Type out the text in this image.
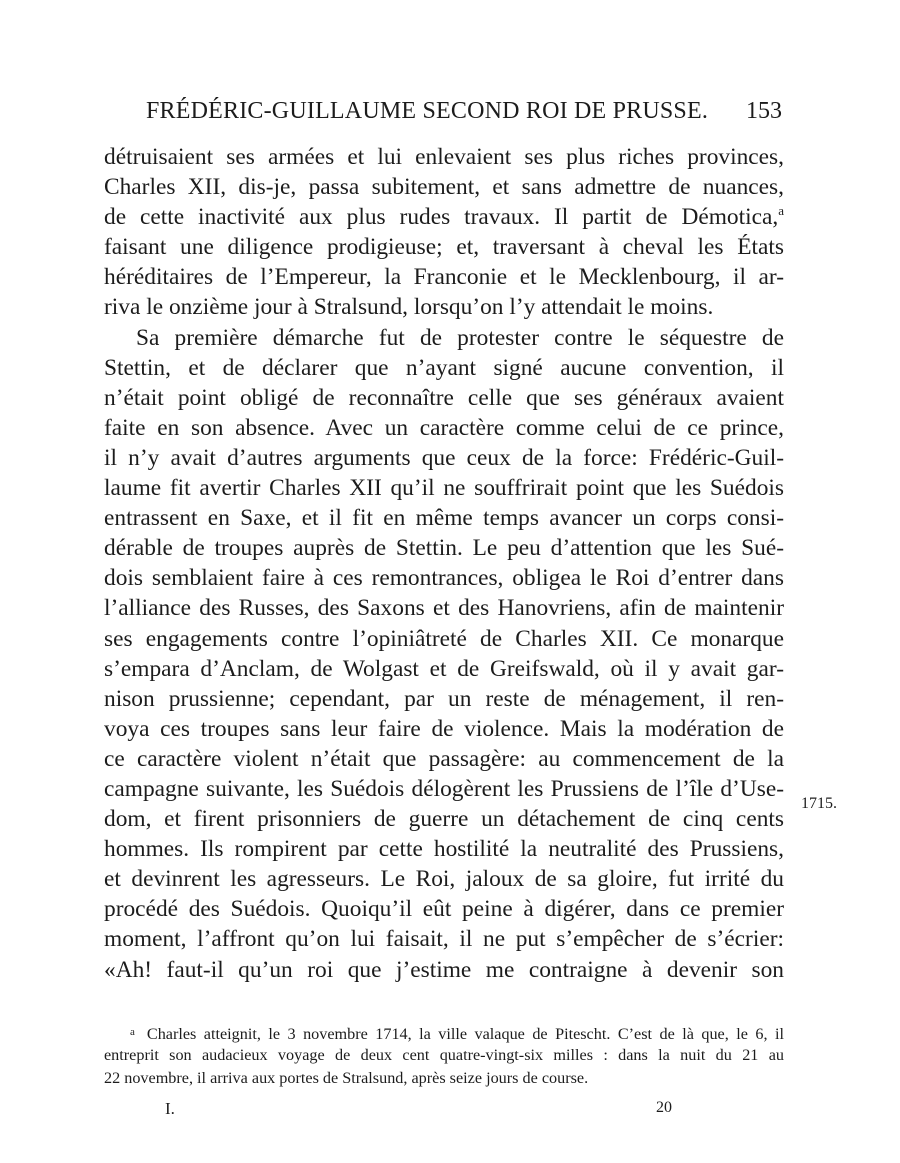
FRÉDÉRIC-GUILLAUME SECOND ROI DE PRUSSE. 153
détruisaient ses armées et lui enlevaient ses plus riches provinces,
Charles XII, dis-je, passa subitement, et sans admettre de nuances,
de cette inactivité aux plus rudes travaux. Il partit de Démotica,$^a$
faisant une diligence prodigieuse; et, traversant à cheval les États
héréditaires de l’Empereur, la Franconie et le Mecklenbourg, il ar-
riva le onzième jour à Stralsund, lorsqu’on l’y attendait le moins.
Sa première démarche fut de protester contre le séquestre de
Stettin, et de déclarer que n’ayant signé aucune convention, il
n’était point obligé de reconnaître celle que ses généraux avaient
faite en son absence. Avec un caractère comme celui de ce prince,
il n’y avait d’autres arguments que ceux de la force: Frédéric-Guil-
laume fit avertir Charles XII qu’il ne souffrirait point que les Suédois
entrassent en Saxe, et il fit en même temps avancer un corps consi-
dérable de troupes auprès de Stettin. Le peu d’attention que les Sué-
dois semblaient faire à ces remontrances, obligea le Roi d’entrer dans
l’alliance des Russes, des Saxons et des Hanovriens, afin de maintenir
ses engagements contre l’opiniâtreté de Charles XII. Ce monarque
s’empara d’Anclam, de Wolgast et de Greifswald, où il y avait gar-
nison prussienne; cependant, par un reste de ménagement, il ren-
voya ces troupes sans leur faire de violence. Mais la modération de
ce caractère violent n’était que passagère: au commencement de la
campagne suivante, les Suédois délogèrent les Prussiens de l’île d’Use-
dom, et firent prisonniers de guerre un détachement de cinq cents
hommes. Ils rompirent par cette hostilité la neutralité des Prussiens,
et devinrent les agresseurs. Le Roi, jaloux de sa gloire, fut irrité du
procédé des Suédois. Quoiqu’il eût peine à digérer, dans ce premier
moment, l’affront qu’on lui faisait, il ne put s’empêcher de s’écrier:
«Ah! faut-il qu’un roi que j’estime me contraigne à devenir son
1715.
$^a$ Charles atteignit, le 3 novembre 1714, la ville valaque de Pitescht. C’est de là que, le 6, il
entreprit son audacieux voyage de deux cent quatre-vingt-six milles : dans la nuit du 21 au
22 novembre, il arriva aux portes de Stralsund, après seize jours de course.
I.	20
